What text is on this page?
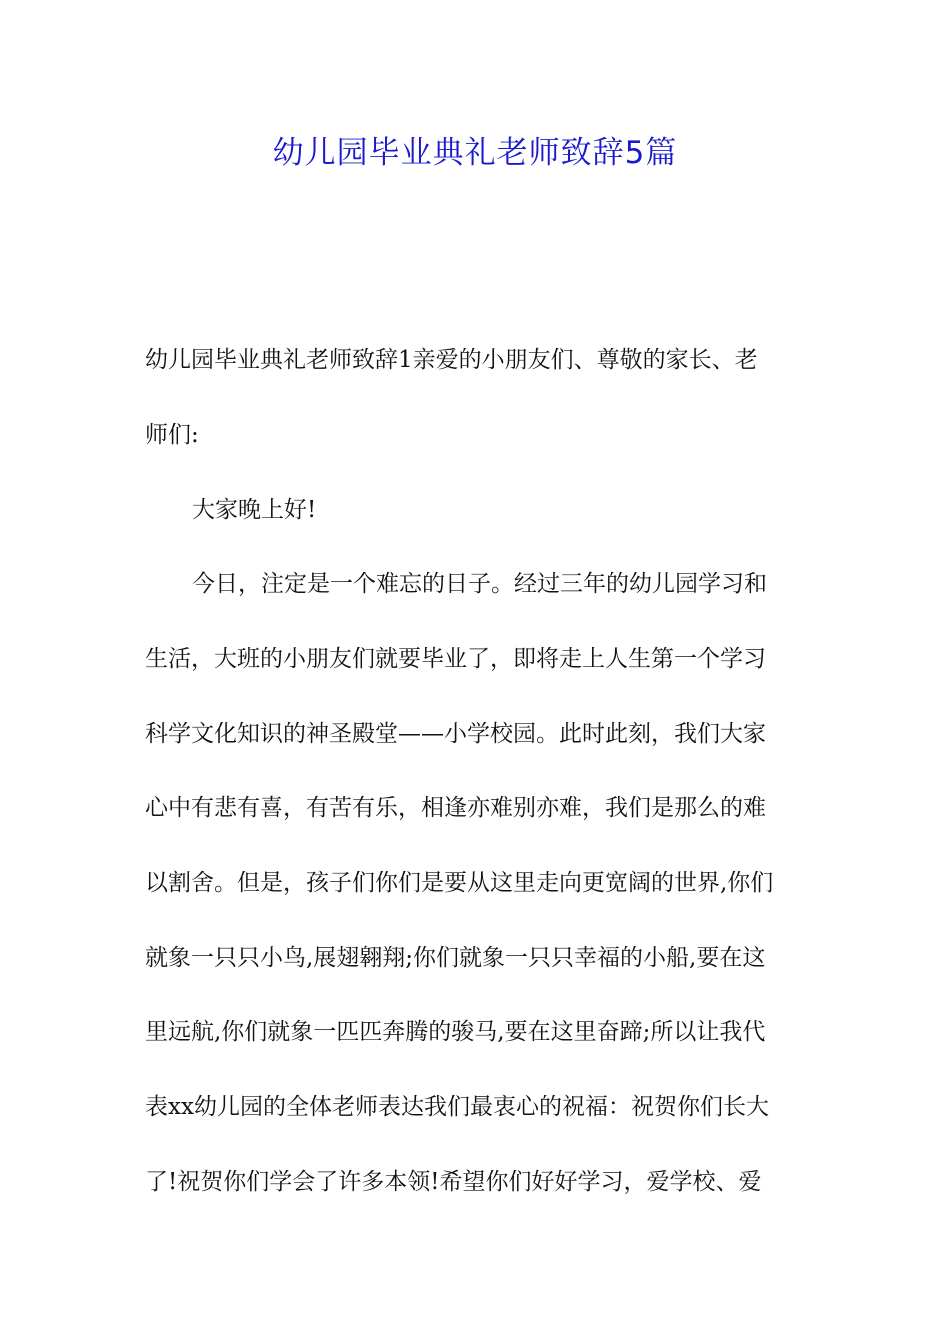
幼儿园毕业典礼老师致辞5篇

幼儿园毕业典礼老师致辞1亲爱的小朋友们、尊敬的家长、老

师们:

大家晚上好!

今日，注定是一个难忘的日子。经过三年的幼儿园学习和

生活，大班的小朋友们就要毕业了，即将走上人生第一个学习

科学文化知识的神圣殿堂——小学校园。此时此刻，我们大家

心中有悲有喜，有苦有乐，相逢亦难别亦难，我们是那么的难

以割舍。但是，孩子们你们是要从这里走向更宽阔的世界,你们

就象一只只小鸟,展翅翱翔;你们就象一只只幸福的小船,要在这

里远航,你们就象一匹匹奔腾的骏马,要在这里奋蹄;所以让我代

表xx幼儿园的全体老师表达我们最衷心的祝福：祝贺你们长大

了!祝贺你们学会了许多本领!希望你们好好学习，爱学校、爱
